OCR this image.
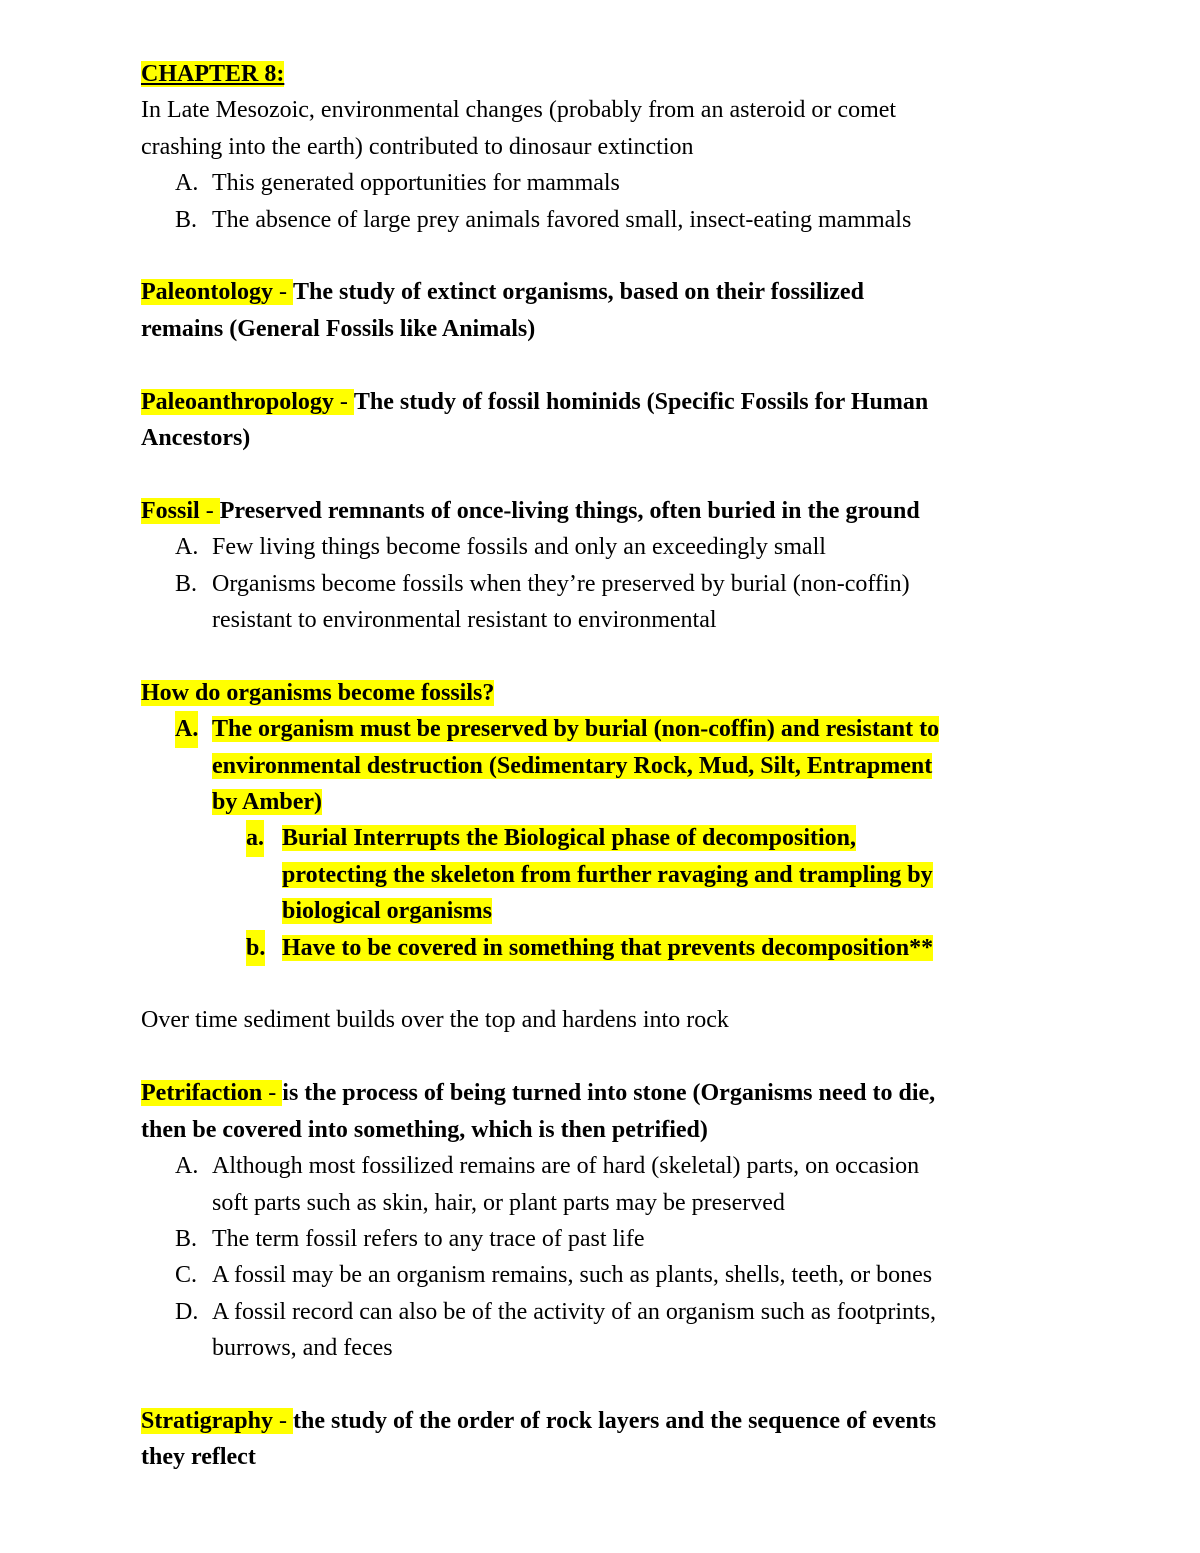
CHAPTER 8:
In Late Mesozoic, environmental changes (probably from an asteroid or comet
crashing into the earth) contributed to dinosaur extinction
A. This generated opportunities for mammals
B. The absence of large prey animals favored small, insect-eating mammals
Paleontology - The study of extinct organisms, based on their fossilized
remains (General Fossils like Animals)
Paleoanthropology - The study of fossil hominids (Specific Fossils for Human
Ancestors)
Fossil - Preserved remnants of once-living things, often buried in the ground
A. Few living things become fossils and only an exceedingly small
B. Organisms become fossils when they’re preserved by burial (non-coffin)
resistant to environmental resistant to environmental
How do organisms become fossils?
A. The organism must be preserved by burial (non-coffin) and resistant to
environmental destruction (Sedimentary Rock, Mud, Silt, Entrapment
by Amber)
a. Burial Interrupts the Biological phase of decomposition,
protecting the skeleton from further ravaging and trampling by
biological organisms
b. Have to be covered in something that prevents decomposition**
Over time sediment builds over the top and hardens into rock
Petrifaction - is the process of being turned into stone (Organisms need to die,
then be covered into something, which is then petrified)
A. Although most fossilized remains are of hard (skeletal) parts, on occasion
soft parts such as skin, hair, or plant parts may be preserved
B. The term fossil refers to any trace of past life
C. A fossil may be an organism remains, such as plants, shells, teeth, or bones
D. A fossil record can also be of the activity of an organism such as footprints,
burrows, and feces
Stratigraphy - the study of the order of rock layers and the sequence of events
they reflect
